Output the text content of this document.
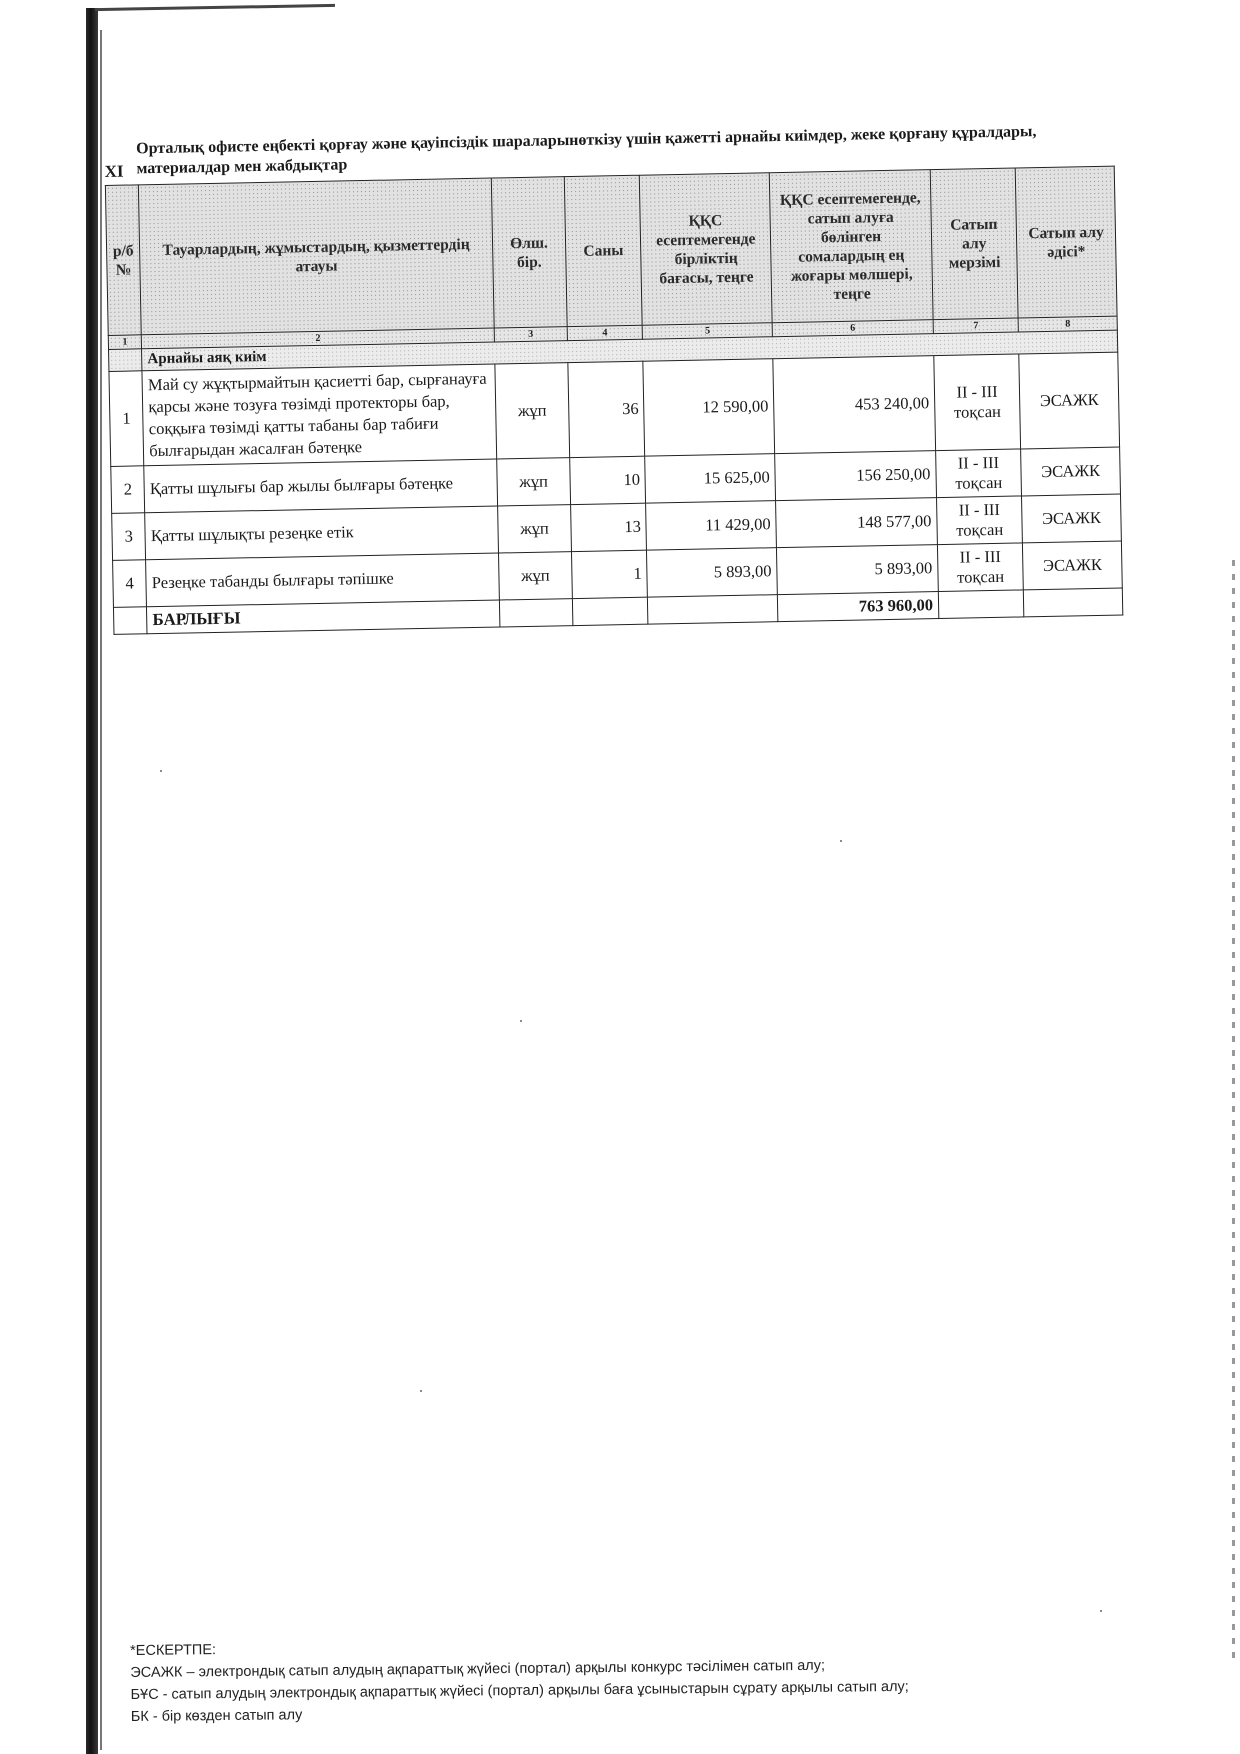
XI
Орталық офисте еңбекті қорғау және қауіпсіздік шараларынөткізу үшін қажетті арнайы киімдер, жеке қорғану құралдары, материалдар мен жабдықтар
р/б №	Тауарлардың, жұмыстардың, қызметтердің атауы	Өлш. бір.	Саны	ҚҚС есептемегенде бірліктің бағасы, теңге	ҚҚС есептемегенде, сатып алуға бөлінген сомалардың ең жоғары мөлшері, теңге	Сатып алу мерзімі	Сатып алу әдісі*
1	2	3	4	5	6	7	8
	Арнайы аяқ киім						
1	Май су жұқтырмайтын қасиетті бар, сырғанауға қарсы және тозуға төзімді протекторы бар, соққыға төзімді қатты табаны бар табиғи былғарыдан жасалған бәтеңке	жұп	36	12 590,00	453 240,00	II - III тоқсан	ЭСАЖК
2	Қатты шұлығы бар жылы былғары бәтеңке	жұп	10	15 625,00	156 250,00	II - III тоқсан	ЭСАЖК
3	Қатты шұлықты резеңке етік	жұп	13	11 429,00	148 577,00	II - III тоқсан	ЭСАЖК
4	Резеңке табанды былғары тәпішке	жұп	1	5 893,00	5 893,00	II - III тоқсан	ЭСАЖК
	БАРЛЫҒЫ				763 960,00		
*ЕСКЕРТПЕ:
ЭСАЖК – электрондық сатып алудың ақпараттық жүйесі (портал) арқылы конкурс тәсілімен сатып алу;
БҰС - сатып алудың электрондық ақпараттық жүйесі (портал) арқылы баға ұсыныстарын сұрату арқылы сатып алу;
БК - бір көзден сатып алу
